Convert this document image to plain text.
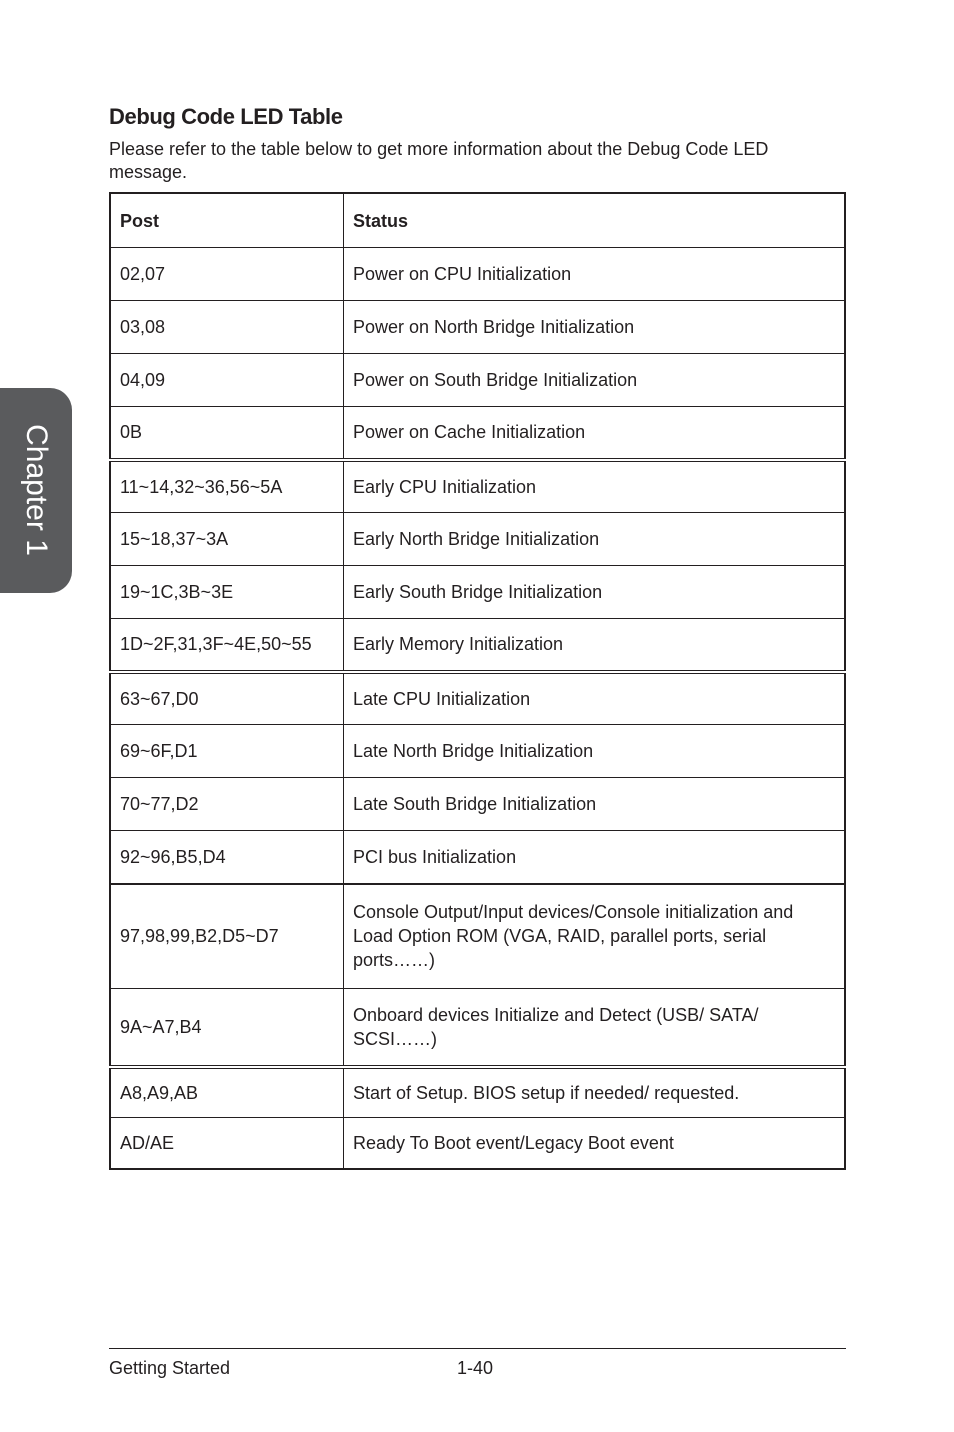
Chapter 1
Debug Code LED Table

Please refer to the table below to get more information about the Debug Code LED message.

Post	Status
02,07	Power on CPU Initialization
03,08	Power on North Bridge Initialization
04,09	Power on South Bridge Initialization
0B	Power on Cache Initialization
11~14,32~36,56~5A	Early CPU Initialization
15~18,37~3A	Early North Bridge Initialization
19~1C,3B~3E	Early South Bridge Initialization
1D~2F,31,3F~4E,50~55	Early Memory Initialization
63~67,D0	Late CPU Initialization
69~6F,D1	Late North Bridge Initialization
70~77,D2	Late South Bridge Initialization
92~96,B5,D4	PCI bus Initialization
97,98,99,B2,D5~D7	Console Output/Input devices/Console initialization and Load Option ROM (VGA, RAID, parallel ports, serial ports……)
9A~A7,B4	Onboard devices Initialize and Detect (USB/ SATA/ SCSI……)
A8,A9,AB	Start of Setup. BIOS setup if needed/ requested.
AD/AE	Ready To Boot event/Legacy Boot event
Getting Started	1-40
